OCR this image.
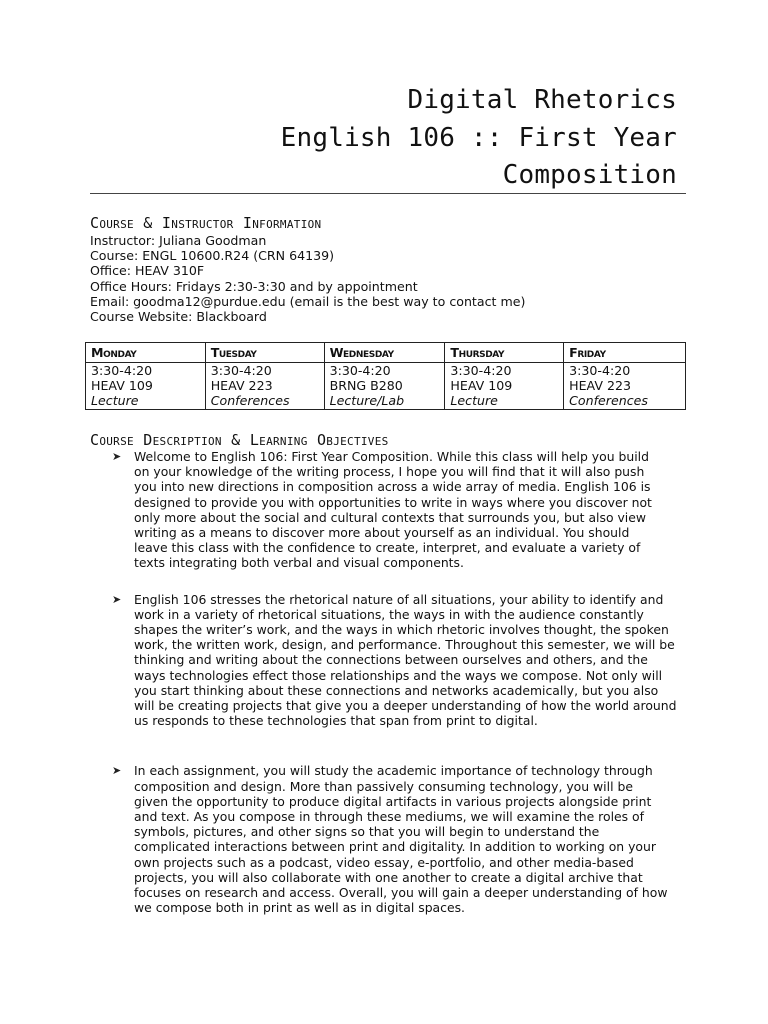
Digital Rhetorics
English 106 :: First Year
Composition
Course & Instructor Information
Instructor: Juliana Goodman
Course: ENGL 10600.R24 (CRN 64139)
Office: HEAV 310F
Office Hours: Fridays 2:30-3:30 and by appointment
Email: goodma12@purdue.edu (email is the best way to contact me)
Course Website: Blackboard
Monday	Tuesday	Wednesday	Thursday	Friday
3:30-4:20	3:30-4:20	3:30-4:20	3:30-4:20	3:30-4:20
HEAV 109	HEAV 223	BRNG B280	HEAV 109	HEAV 223
Lecture	Conferences	Lecture/Lab	Lecture	Conferences
Course Description & Learning Objectives
➤ Welcome to English 106: First Year Composition. While this class will help you build on your knowledge of the writing process, I hope you will find that it will also push you into new directions in composition across a wide array of media. English 106 is designed to provide you with opportunities to write in ways where you discover not only more about the social and cultural contexts that surrounds you, but also view writing as a means to discover more about yourself as an individual. You should leave this class with the confidence to create, interpret, and evaluate a variety of texts integrating both verbal and visual components.
➤ English 106 stresses the rhetorical nature of all situations, your ability to identify and work in a variety of rhetorical situations, the ways in with the audience constantly shapes the writer’s work, and the ways in which rhetoric involves thought, the spoken work, the written work, design, and performance. Throughout this semester, we will be thinking and writing about the connections between ourselves and others, and the ways technologies effect those relationships and the ways we compose. Not only will you start thinking about these connections and networks academically, but you also will be creating projects that give you a deeper understanding of how the world around us responds to these technologies that span from print to digital.
➤ In each assignment, you will study the academic importance of technology through composition and design. More than passively consuming technology, you will be given the opportunity to produce digital artifacts in various projects alongside print and text. As you compose in through these mediums, we will examine the roles of symbols, pictures, and other signs so that you will begin to understand the complicated interactions between print and digitality. In addition to working on your own projects such as a podcast, video essay, e-portfolio, and other media-based projects, you will also collaborate with one another to create a digital archive that focuses on research and access. Overall, you will gain a deeper understanding of how we compose both in print as well as in digital spaces.
